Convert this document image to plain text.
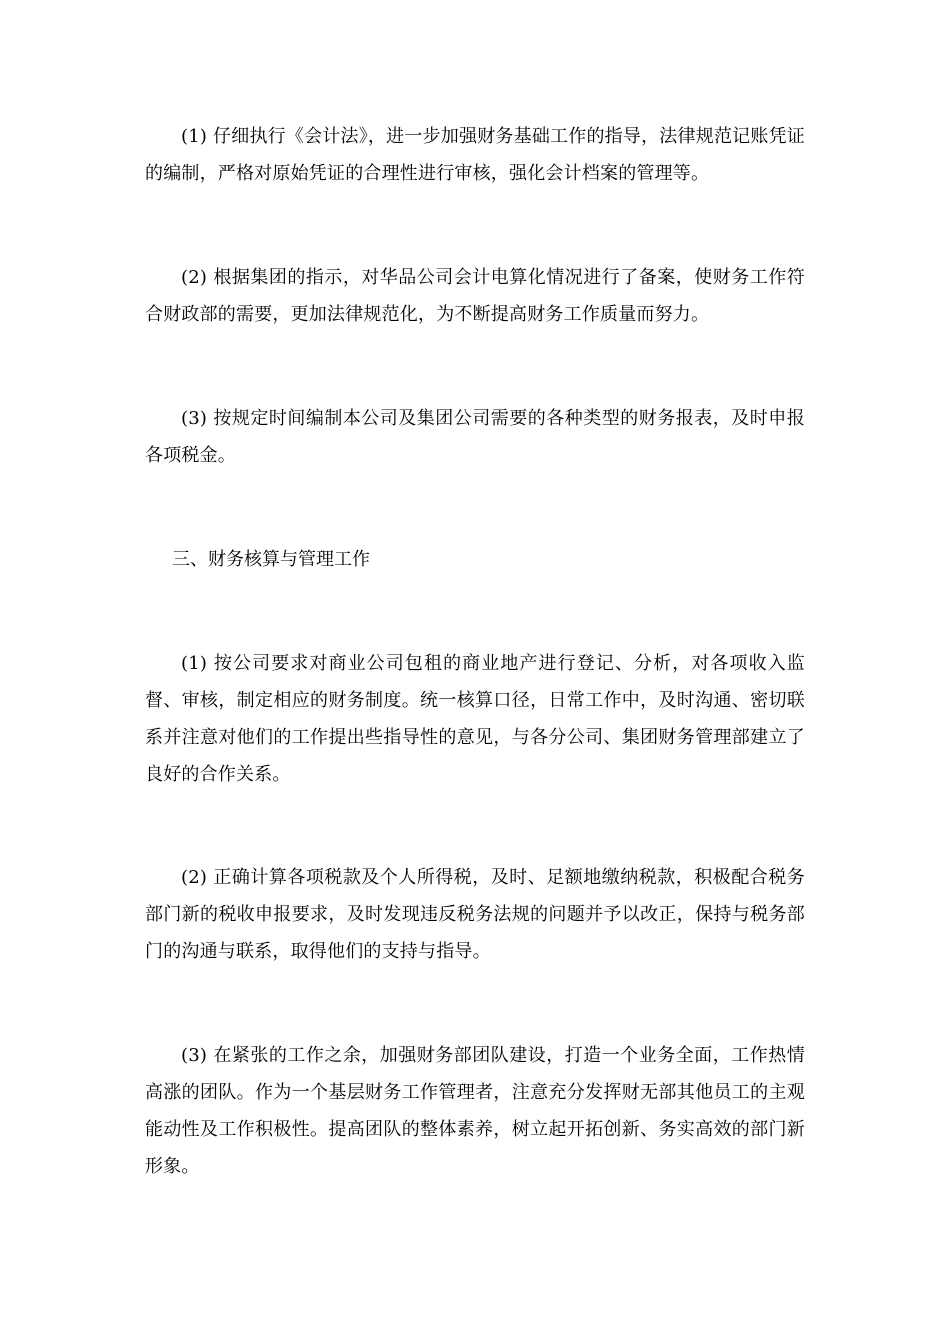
(1) 仔细执行《会计法》，进一步加强财务基础工作的指导，法律规范记账凭证的编制，严格对原始凭证的合理性进行审核，强化会计档案的管理等。

(2) 根据集团的指示，对华品公司会计电算化情况进行了备案，使财务工作符合财政部的需要，更加法律规范化，为不断提高财务工作质量而努力。

(3) 按规定时间编制本公司及集团公司需要的各种类型的财务报表，及时申报各项税金。

三、财务核算与管理工作

(1) 按公司要求对商业公司包租的商业地产进行登记、分析，对各项收入监督、审核，制定相应的财务制度。统一核算口径，日常工作中，及时沟通、密切联系并注意对他们的工作提出些指导性的意见，与各分公司、集团财务管理部建立了良好的合作关系。

(2) 正确计算各项税款及个人所得税，及时、足额地缴纳税款，积极配合税务部门新的税收申报要求，及时发现违反税务法规的问题并予以改正，保持与税务部门的沟通与联系，取得他们的支持与指导。

(3) 在紧张的工作之余，加强财务部团队建设，打造一个业务全面，工作热情高涨的团队。作为一个基层财务工作管理者，注意充分发挥财无部其他员工的主观能动性及工作积极性。提高团队的整体素养，树立起开拓创新、务实高效的部门新形象。
